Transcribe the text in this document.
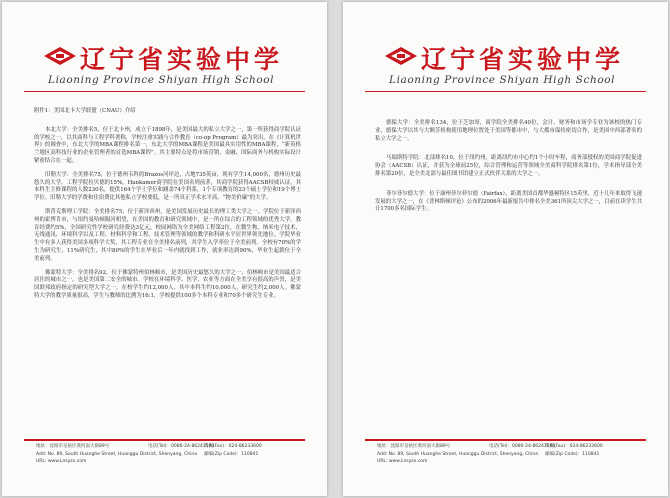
辽宁省实验中学
Liaoning Province Shiyan High School

附件1：美国北卡大学联盟（CNAU）介绍

本北大学：全美排名5，位于北卡州，成立于1898年，是美国最大的私立大学之一，第一所获得商学院认证的学校之一，以其商科与工程学科著称，学校注重实践与合作教育（co-op Program）最为突出，在《计算机世界》的调查中，东北大学的MBA课程排名第一，东北大学的MBA课程是美国最具实用性的MBA课程，“新英格兰地区高科技行业的企业管理者的首选MBA课程”。其主要特点是将市场营销、金融、国际商务与机构实际设计紧密结合在一起。

旧勒大学：全美排名75，位于德州韦科的Brazos河岸边，占地735英亩，现有学生14,000名，德州历史最悠久的大学。工程学院拉贝德的15%，Hankamer商学院在美国名列前茅，其商学院获得AACSB权威认证，其本科生主修课程的人数230名，提供164个学士学位和涵盖74个科系，1个专项教育的23个硕士学位和19个博士学位。旧勒大学的学费和住宿费比其他私立学校要低，是一所真正学术水平高、“物美价廉”的大学。

斯普克斯理工学院：全美排名75，位于新泽西州，是美国发展历史最长的理工类大学之一。学院位于新泽西州的霍博肯市，与纽约曼哈顿隔河相望，在美国的教育和研究领域中，是一所在综合的工程领域的优秀大学。教育经费约5%，全国研究性学校研究经费达3亿元，校园网络为全美网络工程第2位，在微生物、纳米电子技术，无线通讯、环境科学以及工程、材料科学和工程、技术管理等领域的教学和科研水平居世界领先地位。学院毕业生中有多人获得美国多项科学大奖，其工程专业在全美排名前列，其学生入学率位于全美前列。全校有70%的学生为研究生，11%研究生，其中80%的学生在毕业后一年内就找到工作，就业率达到90%，毕业生起薪位于全美前列。

佛蒙特大学：全美排名92，位于佛蒙特州伯林顿市，是美国历史最悠久的大学之一，伯林顿市是美国最适合居住的城市之一，也是美国第二安全的城市。学校在环境科学、医学、农业等方面在全美享有很高的声誉，是美国联邦政府指定的研究型大学之一。在校学生约12,000人，其中本科生约10,000人，研究生约2,000人。佛蒙特大学的教学质量很高，学生与教师的比例为16:1，学校提供100多个本科专业和70多个研究生专业。

地址：沈阳市皇姑区黄河南大街89号	电话(Tel)：0086-24-86243591
传真(Fax)：024-86233600
Add: No. 89, South Huanghe Street, Huanggu District, Shenyang, China 邮编(Zip Code)：110841
URL: www.Lnsyzx.com
辽宁省实验中学
Liaoning Province Shiyan High School

德保大学：全美排名134，位于芝加哥，商学院全美排名40位，会计、财务和市场学专业为该校的热门专业，德保大学以其与大额芳机构使用地理位置处于美国等都市中，与大都市保持密切合作，是美国中西部著名的私立大学之一。

马瑞斯特学院：北部排名10，位于纽约州，距离纽约市中心约1个小时车程，商务部授权的美国商学院促进协会（AACSB）认证，并获为全球前25位，综合管理和运营等领域全美商科学院排名第1位，学术指导部全美排名第20位，是全美北部与最佳图书馆建立正式伙伴关系的大学之一。

菲尔菲尔德大学：位于康州菲尔菲尔德（Fairfax），距离美国首都华盛顿特区15英里，近十几年来取得飞速发展的大学之一，在《普林斯顿评论》公布的2006年最新报告中排名全美361所顶尖大学之一，目前在读学生共计1700多名国际学生。

地址：沈阳市皇姑区黄河南大街89号	电话(Tel)：0086-24-86243591
传真(Fax)：024-86233600
Add: No. 89, South Huanghe Street, Huanggu District, Shenyang, China 邮编(Zip Code)：110841
URL: www.Lnsyzx.com
